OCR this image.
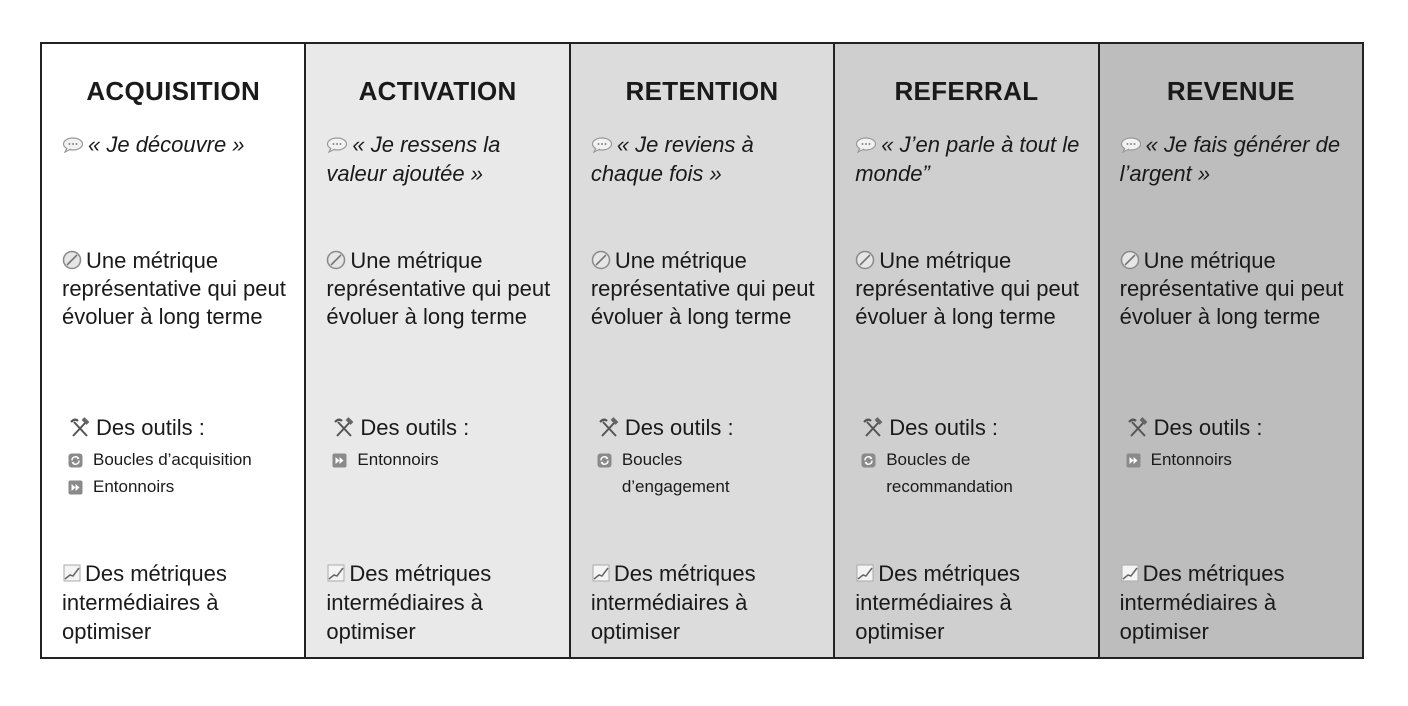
ACQUISITION
« Je découvre »
Une métrique représentative qui peut évoluer à long terme
Des outils :
Boucles d’acquisition
Entonnoirs
Des métriques intermédiaires à optimiser
ACTIVATION
« Je ressens la valeur ajoutée »
Une métrique représentative qui peut évoluer à long terme
Des outils :
Entonnoirs
Des métriques intermédiaires à optimiser
RETENTION
« Je reviens à chaque fois »
Une métrique représentative qui peut évoluer à long terme
Des outils :
Boucles d’engagement
Des métriques intermédiaires à optimiser
REFERRAL
« J’en parle à tout le monde”
Une métrique représentative qui peut évoluer à long terme
Des outils :
Boucles de recommandation
Des métriques intermédiaires à optimiser
REVENUE
« Je fais générer de l’argent »
Une métrique représentative qui peut évoluer à long terme
Des outils :
Entonnoirs
Des métriques intermédiaires à optimiser
